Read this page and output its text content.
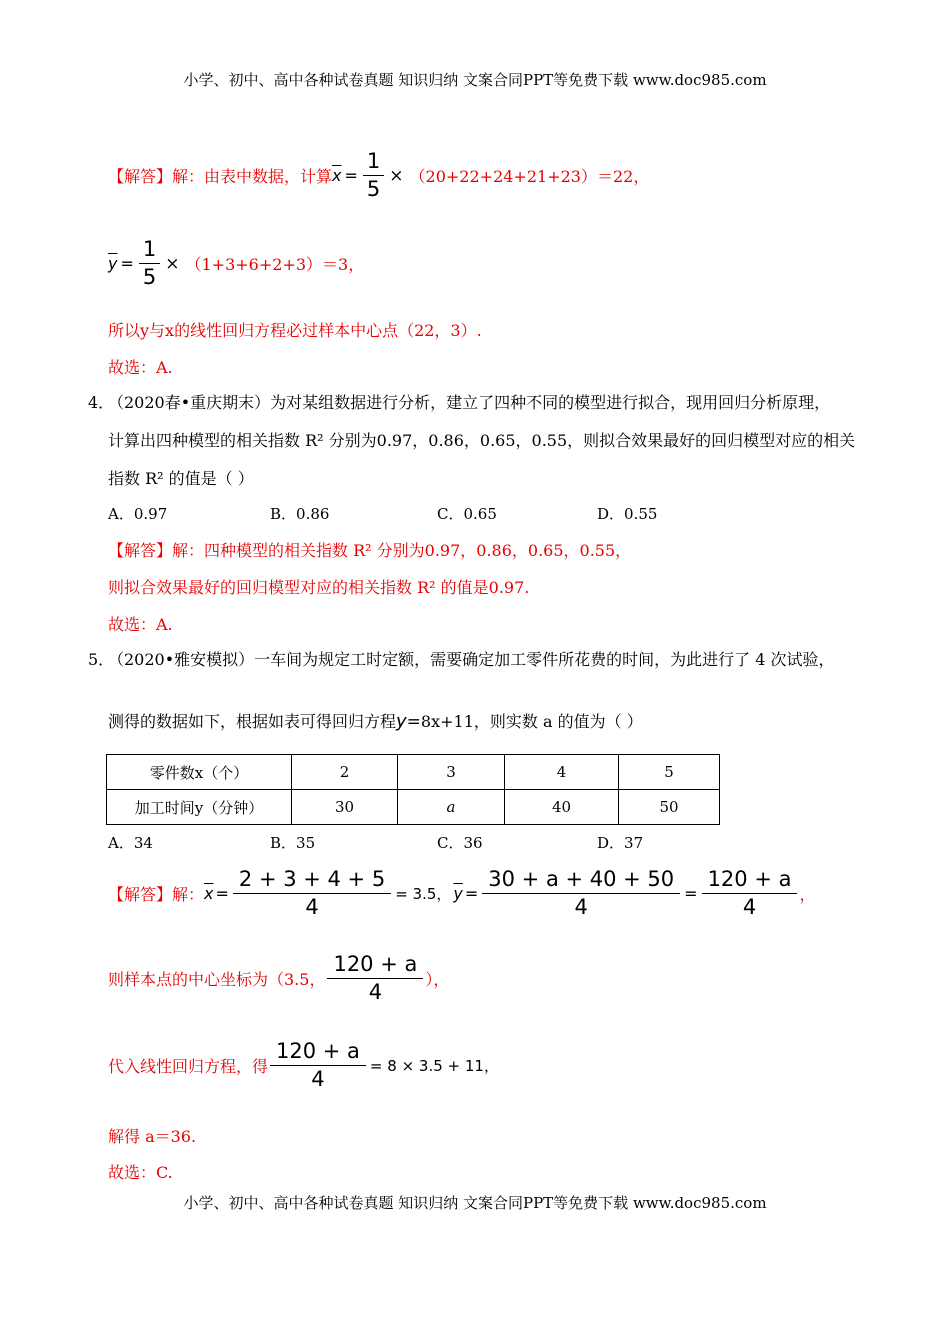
小学、初中、高中各种试卷真题 知识归纳 文案合同PPT等免费下载 www.doc985.com
【解答】 解：由表中数据，计算 $\overline{x} = \frac{1}{5} \times (20+22+24+21+23)=22$，
$\overline{y} = \frac{1}{5} \times (1+3+6+2+3)=3$，
所以y与x的线性回归方程必过样本中心点（22，3）.
故选：A.
4．
（2020春•重庆期末）为对某组数据进行分析，建立了四种不同的模型进行拟合，现用回归分析原理，
计算出四种模型的相关指数 R² 分别为0.97，0.86，0.65，0.55，则拟合效果最好的回归模型对应的相关
指数 R² 的值是（ ）
A．0.97	B．0.86	C．0.65	D．0.55
【解答】解：四种模型的相关指数 R² 分别为0.97，0.86，0.65，0.55，
则拟合效果最好的回归模型对应的相关指数 R² 的值是0.97.
故选：A.
5．
（2020•雅安模拟）一车间为规定工时定额，需要确定加工零件所花费的时间，为此进行了 4 次试验，
测得的数据如下，根据如表可得回归方程 y = 8x+11，则实数 a 的值为（ ）
零件数x（个）	2	3	4	5
加工时间y（分钟）	30	a	40	50
A．34	B．35	C．36	D．37
【解答】 解： $\overline{x} = \frac{2 + 3 + 4 + 5}{4} = 3.5$， $\overline{y} = \frac{30 + a + 40 + 50}{4} = \frac{120 + a}{4}$ ，
则样本点的中心坐标为（3.5， $\frac{120 + a}{4}$ ），
代入线性回归方程，得 $\frac{120 + a}{4} = 8 \times 3.5 + 11$，
解得 a＝36.
故选：C.
小学、初中、高中各种试卷真题 知识归纳 文案合同PPT等免费下载 www.doc985.com
